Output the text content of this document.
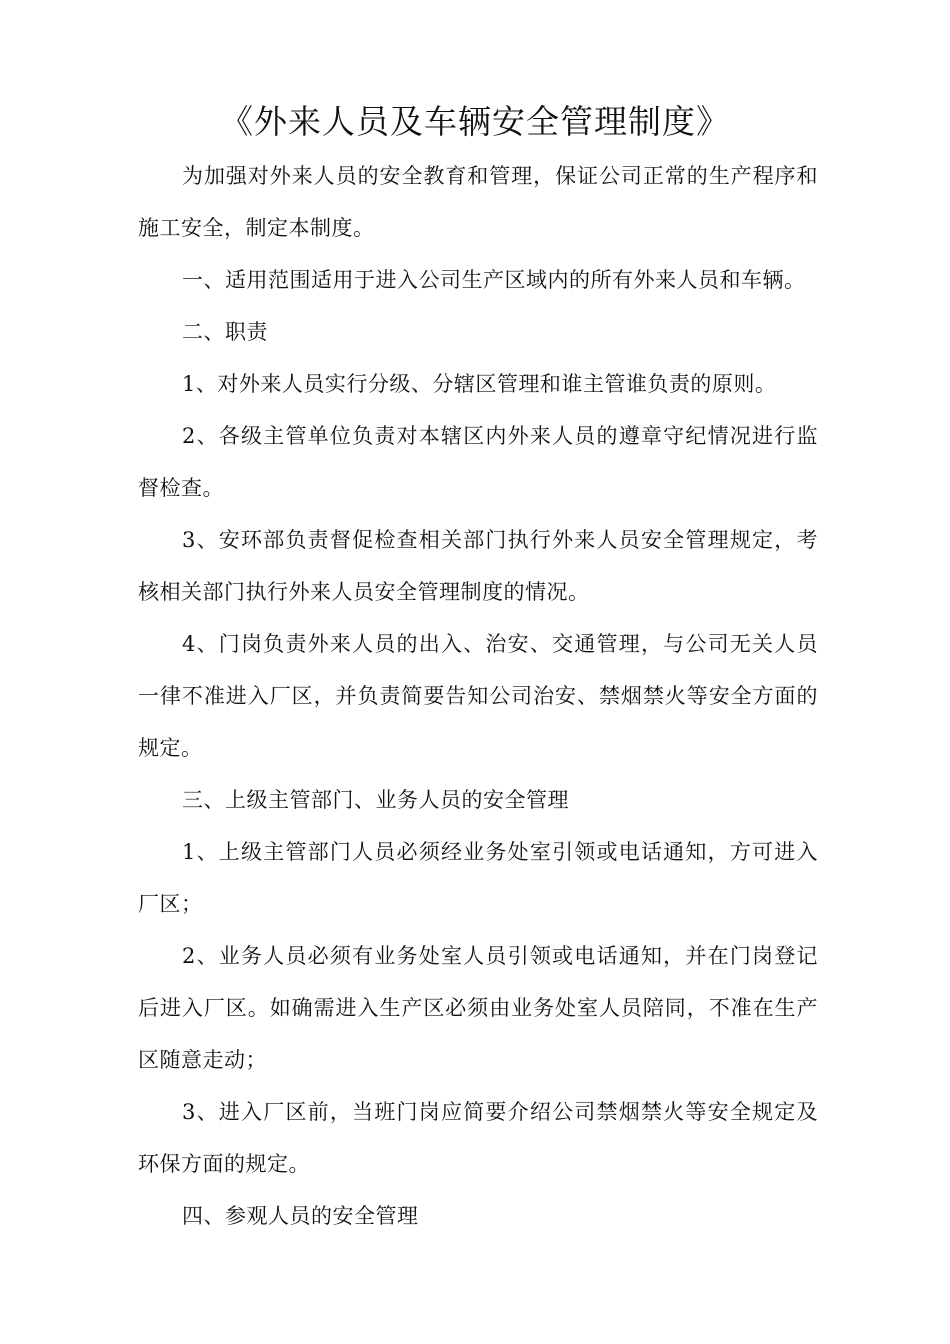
《外来人员及车辆安全管理制度》

为加强对外来人员的安全教育和管理，保证公司正常的生产程序和施工安全，制定本制度。

一、适用范围适用于进入公司生产区域内的所有外来人员和车辆。

二、职责

1、对外来人员实行分级、分辖区管理和谁主管谁负责的原则。

2、各级主管单位负责对本辖区内外来人员的遵章守纪情况进行监督检查。

3、安环部负责督促检查相关部门执行外来人员安全管理规定，考核相关部门执行外来人员安全管理制度的情况。

4、门岗负责外来人员的出入、治安、交通管理，与公司无关人员一律不准进入厂区，并负责简要告知公司治安、禁烟禁火等安全方面的规定。

三、上级主管部门、业务人员的安全管理

1、上级主管部门人员必须经业务处室引领或电话通知，方可进入厂区；

2、业务人员必须有业务处室人员引领或电话通知，并在门岗登记后进入厂区。如确需进入生产区必须由业务处室人员陪同，不准在生产区随意走动；

3、进入厂区前，当班门岗应简要介绍公司禁烟禁火等安全规定及环保方面的规定。

四、参观人员的安全管理
